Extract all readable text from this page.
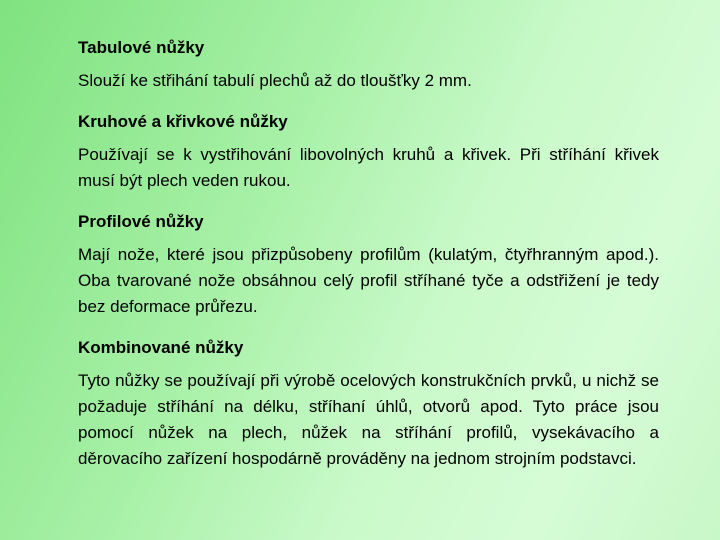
Tabulové nůžky

Slouží ke střihání tabulí plechů až do tloušťky 2 mm.

Kruhové a křivkové nůžky

Používají se k vystřihování libovolných kruhů a křivek. Při stříhání křivek musí být plech veden rukou.

Profilové nůžky

Mají nože, které jsou přizpůsobeny profilům (kulatým, čtyřhranným apod.). Oba tvarované nože obsáhnou celý profil stříhané tyče a odstřižení je tedy bez deformace průřezu.

Kombinované nůžky

Tyto nůžky se používají při výrobě ocelových konstrukčních prvků, u nichž se požaduje stříhání na délku, stříhaní úhlů, otvorů apod. Tyto práce jsou pomocí nůžek na plech, nůžek na stříhání profilů, vysekávacího a děrovacího zařízení hospodárně prováděny na jednom strojním podstavci.
